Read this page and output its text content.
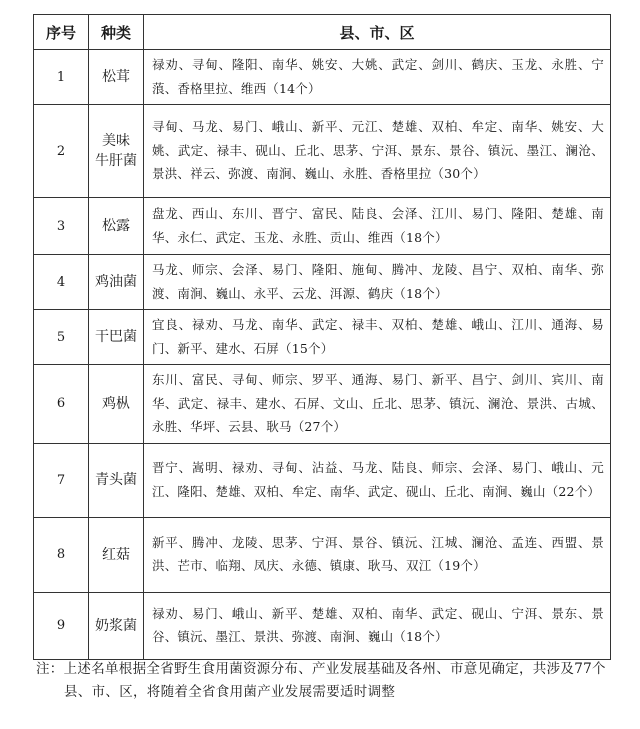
序号	种类	县、市、区
1	松茸	禄劝、寻甸、隆阳、南华、姚安、大姚、武定、剑川、鹤庆、玉龙、永胜、宁蒗、香格里拉、维西（14个）
2	美味
牛肝菌	寻甸、马龙、易门、峨山、新平、元江、楚雄、双柏、牟定、南华、姚安、大姚、武定、禄丰、砚山、丘北、思茅、宁洱、景东、景谷、镇沅、墨江、澜沧、景洪、祥云、弥渡、南涧、巍山、永胜、香格里拉（30个）
3	松露	盘龙、西山、东川、晋宁、富民、陆良、会泽、江川、易门、隆阳、楚雄、南华、永仁、武定、玉龙、永胜、贡山、维西（18个）
4	鸡油菌	马龙、师宗、会泽、易门、隆阳、施甸、腾冲、龙陵、昌宁、双柏、南华、弥渡、南涧、巍山、永平、云龙、洱源、鹤庆（18个）
5	干巴菌	宜良、禄劝、马龙、南华、武定、禄丰、双柏、楚雄、峨山、江川、通海、易门、新平、建水、石屏（15个）
6	鸡枞	东川、富民、寻甸、师宗、罗平、通海、易门、新平、昌宁、剑川、宾川、南华、武定、禄丰、建水、石屏、文山、丘北、思茅、镇沅、澜沧、景洪、古城、永胜、华坪、云县、耿马（27个）
7	青头菌	晋宁、嵩明、禄劝、寻甸、沾益、马龙、陆良、师宗、会泽、易门、峨山、元江、隆阳、楚雄、双柏、牟定、南华、武定、砚山、丘北、南涧、巍山（22个）
8	红菇	新平、腾冲、龙陵、思茅、宁洱、景谷、镇沅、江城、澜沧、孟连、西盟、景洪、芒市、临翔、凤庆、永德、镇康、耿马、双江（19个）
9	奶浆菌	禄劝、易门、峨山、新平、楚雄、双柏、南华、武定、砚山、宁洱、景东、景谷、镇沅、墨江、景洪、弥渡、南涧、巍山（18个）
注：上述名单根据全省野生食用菌资源分布、产业发展基础及各州、市意见确定，共涉及77个县、市、区，将随着全省食用菌产业发展需要适时调整
